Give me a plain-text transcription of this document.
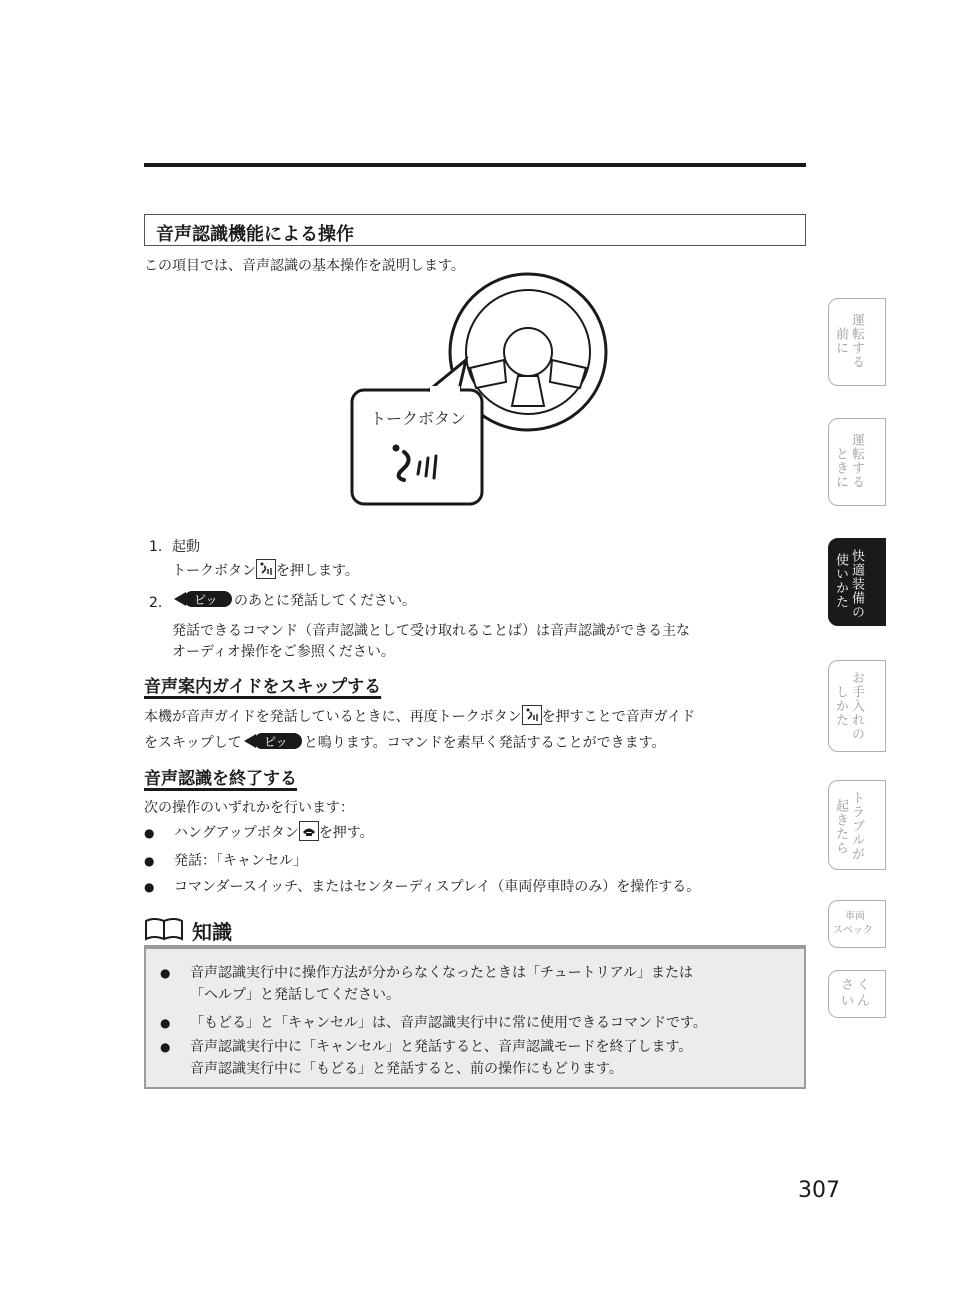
音声認識機能による操作
この項目では、音声認識の基本操作を説明します。
トークボタン
1. 起動
トークボタン を押します。
2.	ピッ のあとに発話してください。
発話できるコマンド（音声認識として受け取れることば）は音声認識ができる主な
オーディオ操作をご参照ください。
音声案内ガイドをスキップする
本機が音声ガイドを発話しているときに、再度トークボタン を押すことで音声ガイド
をスキップして ピッ と鳴ります。コマンドを素早く発話することができます。
音声認識を終了する
次の操作のいずれかを行います：
● ハングアップボタン を押す。
● 発話：「キャンセル」
● コマンダースイッチ、またはセンターディスプレイ（車両停車時のみ）を操作する。
知識
● 音声認識実行中に操作方法が分からなくなったときは「チュートリアル」または
「ヘルプ」と発話してください。
● 「もどる」と「キャンセル」は、音声認識実行中に常に使用できるコマンドです。
● 音声認識実行中に「キャンセル」と発話すると、音声認識モードを終了します。
音声認識実行中に「もどる」と発話すると、前の操作にもどります。
運転する
前に
運転する
ときに
快適装備の
使いかた
お手入れの
しかた
トラブルが
起きたら
車両
スペック
さく
いん
307
